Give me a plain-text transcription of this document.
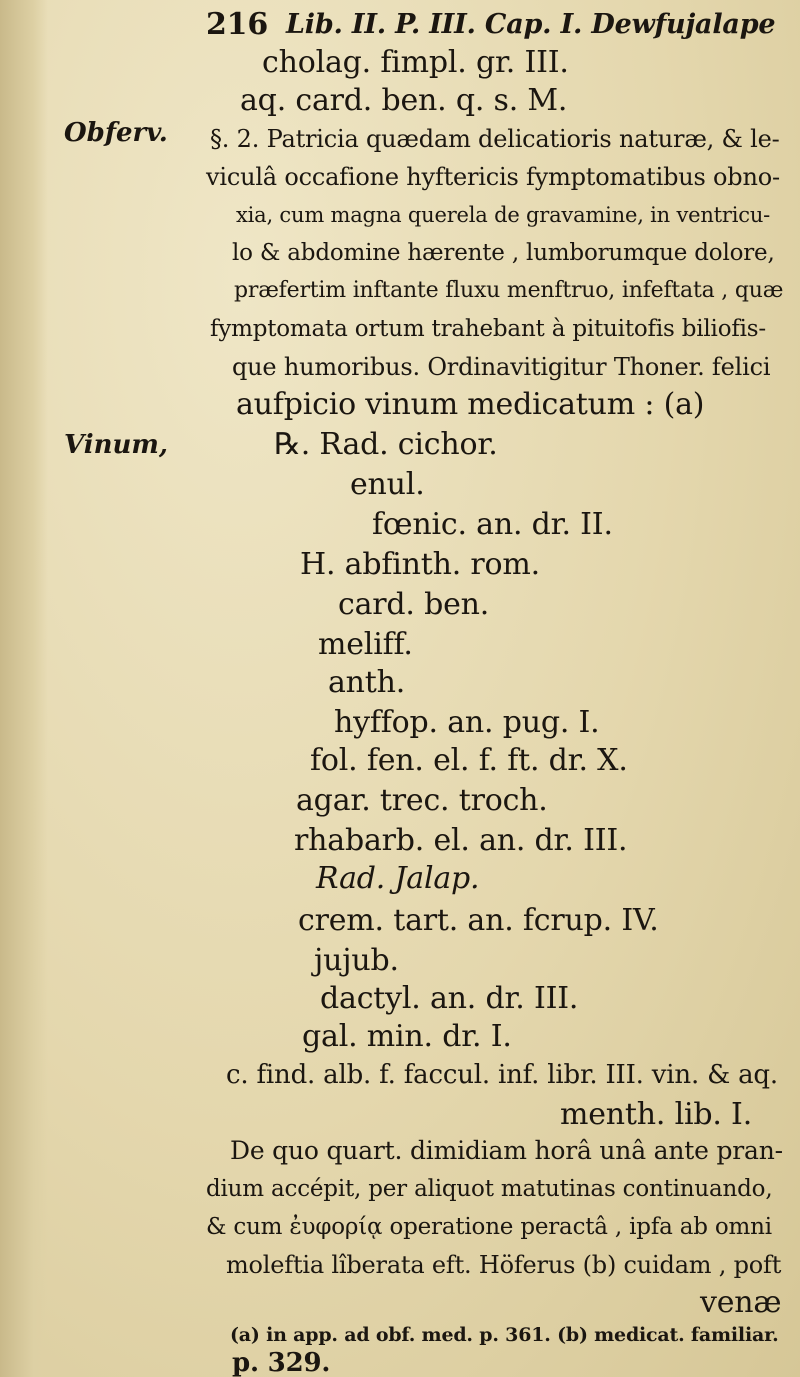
216 Lib. II. P. III. Cap. I. Dewfujalape
Obferv.
Vinum,
cholag. fimpl. gr. III.
aq. card. ben. q. s. M.
§. 2. Patricia quædam delicatioris naturæ, & le-
viculâ occafione hyftericis fymptomatibus obno-
xia, cum magna querela de gravamine, in ventricu-
lo & abdomine hærente , lumborumque dolore,
præfertim inftante fluxu menftruo, infeftata , quæ
fymptomata ortum trahebant à pituitofis biliofis-
que humoribus. Ordinavitigitur Thoner. felici
aufpicio vinum medicatum : (a)
℞. Rad. cichor.
enul.
fœnic. an. dr. II.
H. abfinth. rom.
card. ben.
meliff.
anth.
hyffop. an. pug. I.
fol. fen. el. f. ft. dr. X.
agar. trec. troch.
rhabarb. el. an. dr. III.
Rad. Jalap.
crem. tart. an. fcrup. IV.
jujub.
dactyl. an. dr. III.
gal. min. dr. I.
c. find. alb. f. faccul. inf. libr. III. vin. & aq.
menth. lib. I.
De quo quart. dimidiam horâ unâ ante pran-
dium accépit, per aliquot matutinas continuando,
& cum ἐυφορίᾳ operatione peractâ , ipfa ab omni
moleftia lîberata eft. Höferus (b) cuidam , poft
venæ
(a) in app. ad obf. med. p. 361. (b) medicat. familiar.
p. 329.
